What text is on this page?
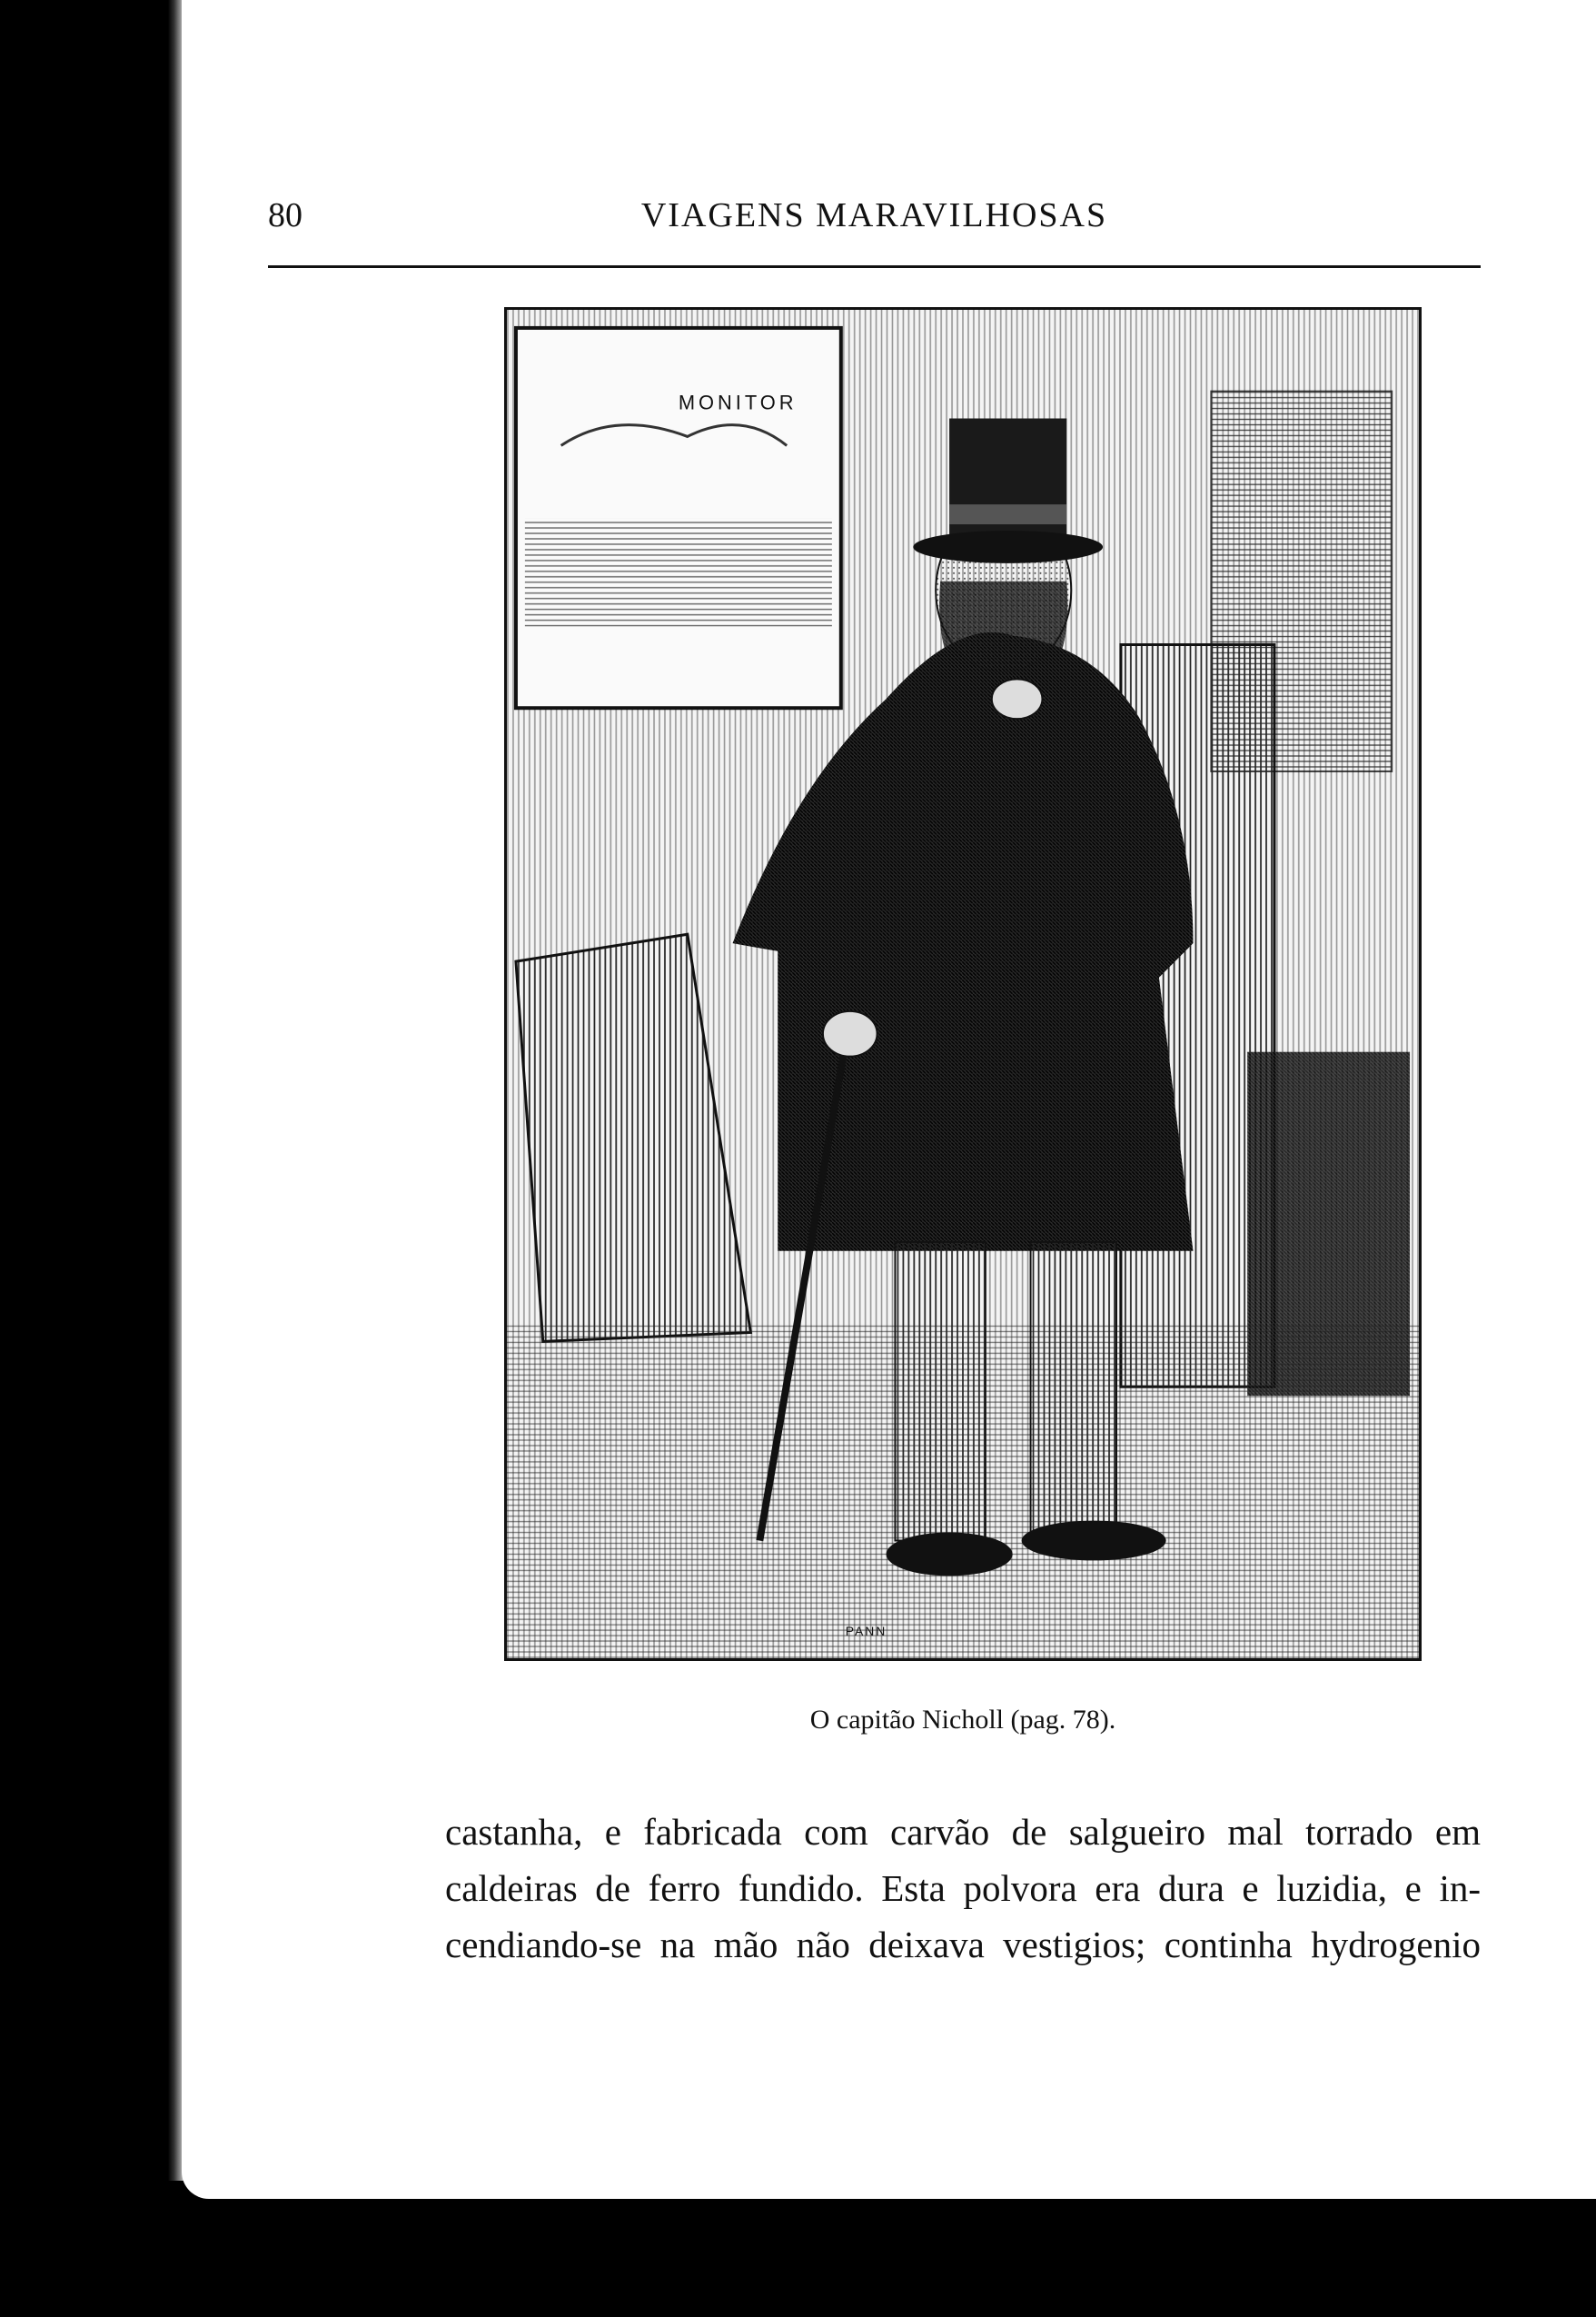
80	VIAGENS MARAVILHOSAS
MONITOR
PANN
O capitão Nicholl (pag. 78).
castanha, e fabricada com carvão de salgueiro mal torrado em
caldeiras de ferro fundido. Esta polvora era dura e luzidia, e in-
cendiando-se na mão não deixava vestigios; continha hydrogenio
